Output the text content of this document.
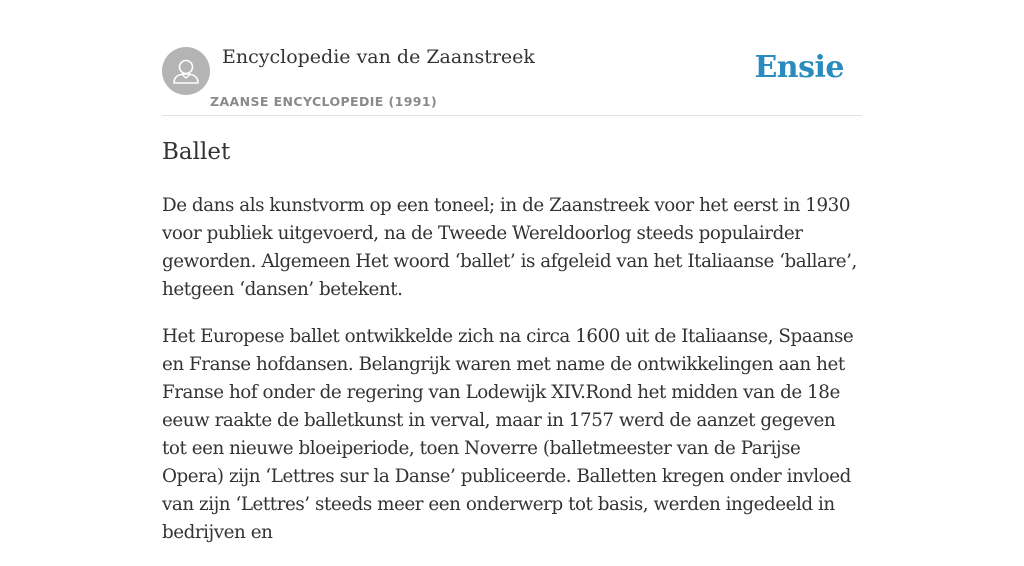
Encyclopedie van de Zaanstreek
ZAANSE ENCYCLOPEDIE (1991)
Ensie
Ballet

De dans als kunstvorm op een toneel; in de Zaanstreek voor het eerst in 1930 voor publiek uitgevoerd, na de Tweede Wereldoorlog steeds populairder geworden. Algemeen Het woord ‘ballet’ is afgeleid van het Italiaanse ‘ballare’, hetgeen ‘dansen’ betekent.

Het Europese ballet ontwikkelde zich na circa 1600 uit de Italiaanse, Spaanse en Franse hofdansen. Belangrijk waren met name de ontwikkelingen aan het Franse hof onder de regering van Lodewijk XIV.Rond het midden van de 18e eeuw raakte de balletkunst in verval, maar in 1757 werd de aanzet gegeven tot een nieuwe bloeiperiode, toen Noverre (balletmeester van de Parijse Opera) zijn ‘Lettres sur la Danse’ publiceerde. Balletten kregen onder invloed van zijn ‘Lettres’ steeds meer een onderwerp tot basis, werden ingedeeld in bedrijven en
